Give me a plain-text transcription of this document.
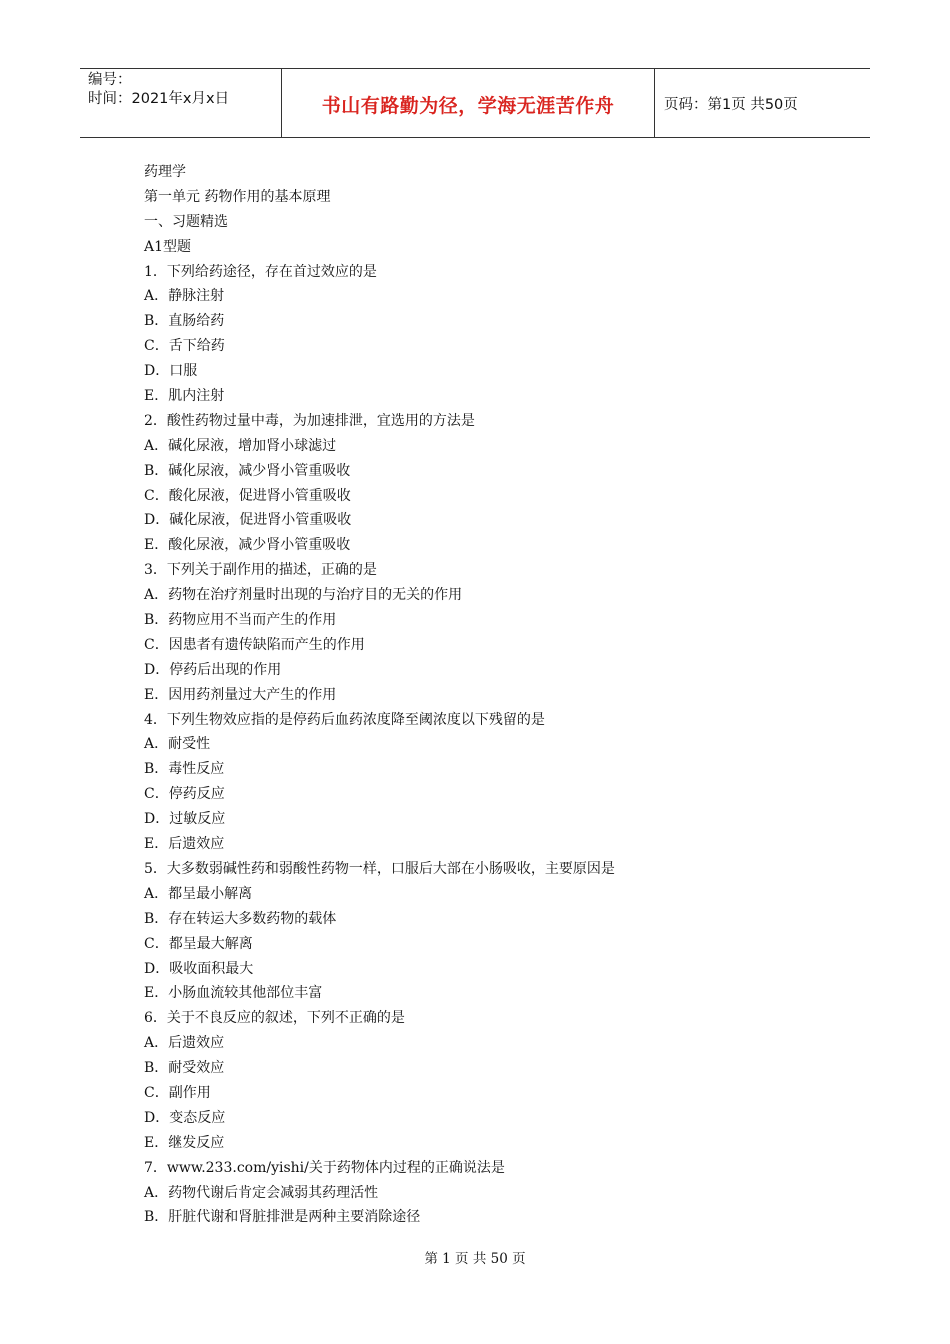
编号：
时间：2021年x月x日	书山有路勤为径，学海无涯苦作舟	页码：第1页 共50页
药理学
第一单元 药物作用的基本原理
一、习题精选
A1型题
1．下列给药途径，存在首过效应的是
A．静脉注射
B．直肠给药
C．舌下给药
D．口服
E．肌内注射
2．酸性药物过量中毒，为加速排泄，宜选用的方法是
A．碱化尿液，增加肾小球滤过
B．碱化尿液，减少肾小管重吸收
C．酸化尿液，促进肾小管重吸收
D．碱化尿液，促进肾小管重吸收
E．酸化尿液，减少肾小管重吸收
3．下列关于副作用的描述，正确的是
A．药物在治疗剂量时出现的与治疗目的无关的作用
B．药物应用不当而产生的作用
C．因患者有遗传缺陷而产生的作用
D．停药后出现的作用
E．因用药剂量过大产生的作用
4．下列生物效应指的是停药后血药浓度降至阈浓度以下残留的是
A．耐受性
B．毒性反应
C．停药反应
D．过敏反应
E．后遗效应
5．大多数弱碱性药和弱酸性药物一样，口服后大部在小肠吸收，主要原因是
A．都呈最小解离
B．存在转运大多数药物的载体
C．都呈最大解离
D．吸收面积最大
E．小肠血流较其他部位丰富
6．关于不良反应的叙述，下列不正确的是
A．后遗效应
B．耐受效应
C．副作用
D．变态反应
E．继发反应
7．www.233.com/yishi/关于药物体内过程的正确说法是
A．药物代谢后肯定会减弱其药理活性
B．肝脏代谢和肾脏排泄是两种主要消除途径
第 1 页 共 50 页
